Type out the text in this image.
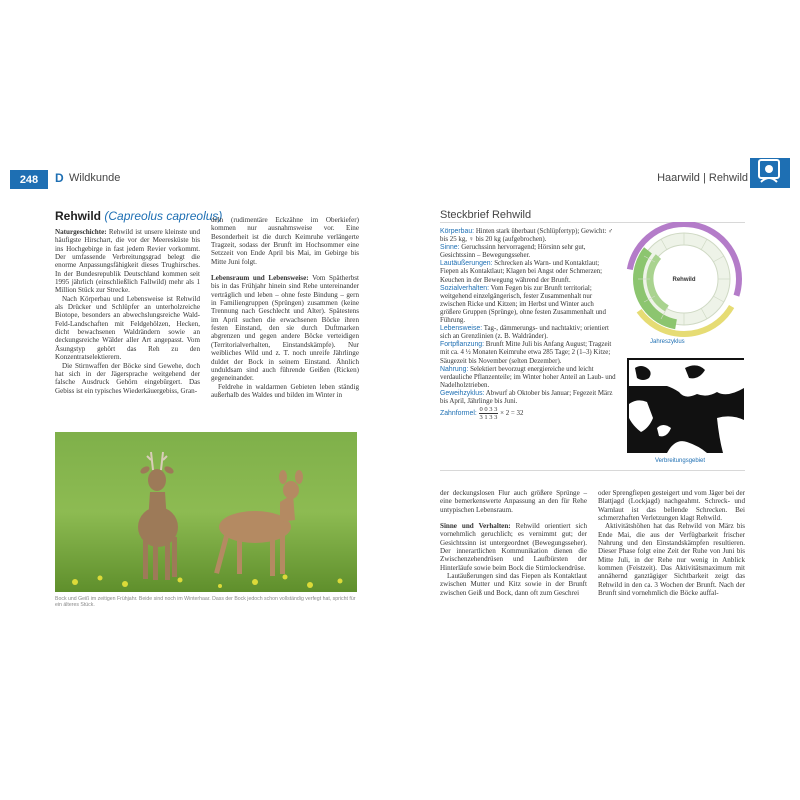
248	D Wildkunde	Haarwild | Rehwild
Rehwild (Capreolus capreolus)

Naturgeschichte: Rehwild ist unsere kleinste und häufigste Hirschart, die vor der Meeresküste bis ins Hochgebirge in fast jedem Revier vorkommt. Der umfassende Verbreitungsgrad belegt die enorme Anpassungsfähigkeit dieses Trughirsches. In der Bundesrepublik Deutschland kommen seit 1995 jährlich (einschließlich Fallwild) mehr als 1 Million Stück zur Strecke.

Nach Körperbau und Lebensweise ist Rehwild als Drücker und Schlüpfer an unterholzreiche Biotope, besonders an abwechslungsreiche Wald-Feld-Landschaften mit Feldgehölzen, Hecken, dicht bewachsenen Waldrändern sowie an deckungsreiche Wälder aller Art angepasst. Vom Äsungstyp gehört das Reh zu den Konzentratselektierern.

Die Stirnwaffen der Böcke sind Gewehe, doch hat sich in der Jägersprache weitgehend der falsche Ausdruck Gehörn eingebürgert. Das Gebiss ist ein typisches Wiederkäuergebiss, Gran-

deln (rudimentäre Eckzähne im Oberkiefer) kommen nur ausnahmsweise vor. Eine Besonderheit ist die durch Keimruhe verlängerte Tragzeit, sodass der Brunft im Hochsommer eine Setzzeit von Ende April bis Mai, im Gebirge bis Mitte Juni folgt.

Lebensraum und Lebensweise: Vom Spätherbst bis in das Frühjahr hinein sind Rehe untereinander verträglich und leben – ohne feste Bindung – gern in Familiengruppen (Sprüngen) zusammen (keine Trennung nach Geschlecht und Alter). Spätestens im April suchen die erwachsenen Böcke ihren festen Einstand, den sie durch Duftmarken abgrenzen und gegen andere Böcke verteidigen (Territorialverhalten, Einstandskämpfe). Nur weibliches Wild und z. T. noch unreife Jährlinge duldet der Bock in seinem Einstand. Ähnlich unduldsam sind auch führende Geißen (Ricken) gegeneinander.

Feldrehe in waldarmen Gebieten leben ständig außerhalb des Waldes und bilden im Winter in

Bock und Geiß im zeitigen Frühjahr. Beide sind noch im Winterhaar. Dass der Bock jedoch schon vollständig verfegt hat, spricht für ein älteres Stück.
Steckbrief Rehwild
Körperbau: Hinten stark überbaut (Schlüpfertyp); Gewicht: ♂ bis 25 kg, ♀ bis 20 kg (aufgebrochen).
Sinne: Geruchssinn hervorragend; Hörsinn sehr gut, Gesichtssinn – Bewegungsseher.
Lautäußerungen: Schrecken als Warn- und Kontaktlaut; Fiepen als Kontaktlaut; Klagen bei Angst oder Schmerzen; Keuchen in der Bewegung während der Brunft.
Sozialverhalten: Vom Fegen bis zur Brunft territorial; weitgehend einzelgängerisch, fester Zusammenhalt nur zwischen Ricke und Kitzen; im Herbst und Winter auch größere Gruppen (Sprünge), ohne festen Zusammenhalt und Führung.
Lebensweise: Tag-, dämmerungs- und nachtaktiv; orientiert sich an Grenzlinien (z. B. Waldränder).
Fortpflanzung: Brunft Mitte Juli bis Anfang August; Tragzeit mit ca. 4 ½ Monaten Keimruhe etwa 285 Tage; 2 (1–3) Kitze; Säugezeit bis November (selten Dezember).
Nahrung: Selektiert bevorzugt energiereiche und leicht verdauliche Pflanzenteile; im Winter hoher Anteil an Laub- und Nadelholztrieben.
Geweihzyklus: Abwurf ab Oktober bis Januar; Fegezeit März bis April, Jährlinge bis Juni.
Zahnformel: $\frac{0 0 3 3}{3 1 3 3} \times 2 = 32$
Rehwild
Jahreszyklus
Verbreitungsgebiet

der deckungslosen Flur auch größere Sprünge – eine bemerkenswerte Anpassung an den für Rehe untypischen Lebensraum.

Sinne und Verhalten: Rehwild orientiert sich vornehmlich geruchlich; es vernimmt gut; der Gesichtssinn ist untergeordnet (Bewegungsseher). Der innerartlichen Kommunikation dienen die Zwischenzehendrüsen und Laufbürsten der Hinterläufe sowie beim Bock die Stirnlockendrüse.

Lautäußerungen sind das Fiepen als Kontaktlaut zwischen Mutter und Kitz sowie in der Brunft zwischen Geiß und Bock, dann oft zum Geschrei

oder Sprengfiepen gesteigert und vom Jäger bei der Blattjagd (Lockjagd) nachgeahmt. Schreck- und Warnlaut ist das bellende Schrecken. Bei schmerzhaften Verletzungen klagt Rehwild.

Aktivitätshöhen hat das Rehwild von März bis Ende Mai, die aus der Verfügbarkeit frischer Nahrung und den Einstandskämpfen resultieren. Dieser Phase folgt eine Zeit der Ruhe von Juni bis Mitte Juli, in der Rehe nur wenig in Anblick kommen (Feistzeit). Das Aktivitätsmaximum mit annähernd ganztägiger Sichtbarkeit zeigt das Rehwild in den ca. 3 Wochen der Brunft. Nach der Brunft sind vornehmlich die Böcke auffal-
